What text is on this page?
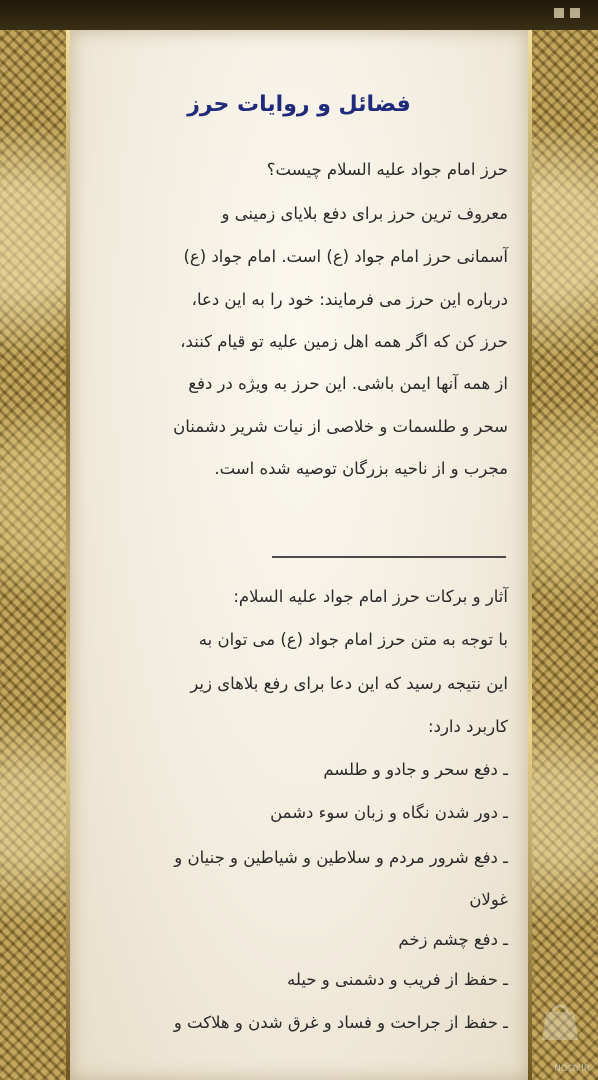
فضائل و روایات حرز
حرز امام جواد علیه السلام چیست؟
معروف ترین حرز برای دفع بلایای زمینی و
آسمانی حرز امام جواد (ع) است. امام جواد (ع)
درباره این حرز می فرمایند: خود را به این دعا،
حرز کن که اگر همه اهل زمین علیه تو قیام کنند،
از همه آنها ایمن باشی. این حرز به ویژه در دفع
سحر و طلسمات و خلاصی از نیات شریر دشمنان
مجرب و از ناحیه بزرگان توصیه شده است.
آثار و برکات حرز امام جواد علیه السلام:
با توجه به متن حرز امام جواد (ع) می توان به
این نتیجه رسید که این دعا برای رفع بلاهای زیر
کاربرد دارد:
ـ دفع سحر و جادو و طلسم
ـ دور شدن نگاه و زبان سوء دشمن
ـ دفع شرور مردم و سلاطین و شیاطین و جنیان و
غولان
ـ دفع چشم زخم
ـ حفظ از فریب و دشمنی و حیله
ـ حفظ از جراحت و فساد و غرق شدن و هلاکت و
NOOY.IR
